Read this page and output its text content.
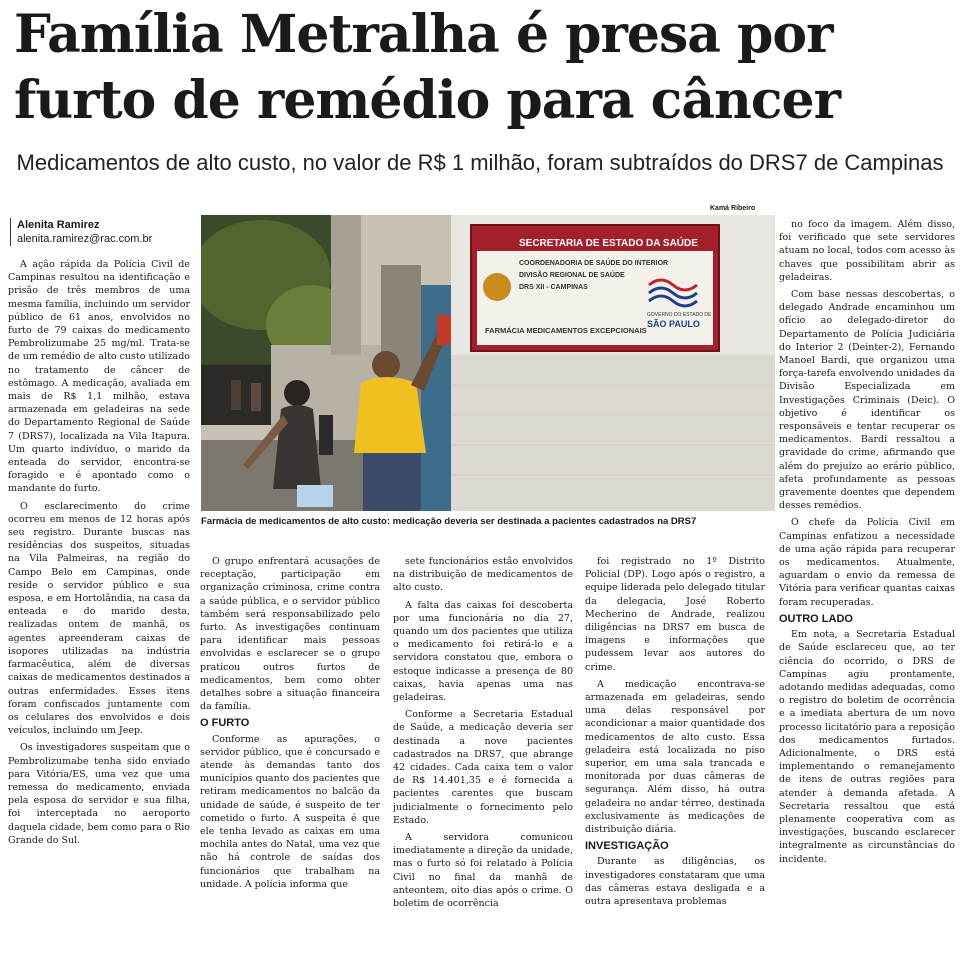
Família Metralha é presa por
furto de remédio para câncer

Medicamentos de alto custo, no valor de R$ 1 milhão, foram subtraídos do DRS7 de Campinas

Alenita Ramirez
alenita.ramirez@rac.com.br
Kamá Ribeiro
SECRETARIA DE ESTADO DA SAÚDE
COORDENADORIA DE SAÚDE DO INTERIOR
DIVISÃO REGIONAL DE SAÚDE
DRS XII - CAMPINAS
FARMÁCIA MEDICAMENTOS EXCEPCIONAIS
GOVERNO DO ESTADO DE
SÃO PAULO
Farmácia de medicamentos de alto custo: medicação deveria ser destinada a pacientes cadastrados na DRS7

A ação rápida da Polícia Civil de Campinas resultou na identificação e prisão de três membros de uma mesma família, incluindo um servidor público de 61 anos, envolvidos no furto de 79 caixas do medicamento Pembrolizumabe 25 mg/ml. Trata-se de um remédio de alto custo utilizado no tratamento de câncer de estômago. A medicação, avaliada em mais de R$ 1,1 milhão, estava armazenada em geladeiras na sede do Departamento Regional de Saúde 7 (DRS7), localizada na Vila Itapura. Um quarto indivíduo, o marido da enteada do servidor, encontra-se foragido e é apontado como o mandante do furto.

O esclarecimento do crime ocorreu em menos de 12 horas após seu registro. Durante buscas nas residências dos suspeitos, situadas na Vila Palmeiras, na região do Campo Belo em Campinas, onde reside o servidor público e sua esposa, e em Hortolândia, na casa da enteada e do marido desta, realizadas ontem de manhã, os agentes apreenderam caixas de isopores utilizadas na indústria farmacêutica, além de diversas caixas de medicamentos destinados a outras enfermidades. Esses itens foram confiscados juntamente com os celulares dos envolvidos e dois veículos, incluindo um Jeep.

Os investigadores suspeitam que o Pembrolizumabe tenha sido enviado para Vitória/ES, uma vez que uma remessa do medicamento, enviada pela esposa do servidor e sua filha, foi interceptada no aeroporto daquela cidade, bem como para o Rio Grande do Sul.

O grupo enfrentará acusações de receptação, participação em organização criminosa, crime contra a saúde pública, e o servidor público também será responsabilizado pelo furto. As investigações continuam para identificar mais pessoas envolvidas e esclarecer se o grupo praticou outros furtos de medicamentos, bem como obter detalhes sobre a situação financeira da família.

O FURTO

Conforme as apurações, o servidor público, que é concursado e atende às demandas tanto dos municípios quanto dos pacientes que retiram medicamentos no balcão da unidade de saúde, é suspeito de ter cometido o furto. A suspeita é que ele tenha levado as caixas em uma mochila antes do Natal, uma vez que não há controle de saídas dos funcionários que trabalham na unidade. A polícia informa que

sete funcionários estão envolvidos na distribuição de medicamentos de alto custo.

A falta das caixas foi descoberta por uma funcionária no dia 27, quando um dos pacientes que utiliza o medicamento foi retirá-lo e a servidora constatou que, embora o estoque indicasse a presença de 80 caixas, havia apenas uma nas geladeiras.

Conforme a Secretaria Estadual de Saúde, a medicação deveria ser destinada a nove pacientes cadastrados na DRS7, que abrange 42 cidades. Cada caixa tem o valor de R$ 14.401,35 e é fornecida a pacientes carentes que buscam judicialmente o fornecimento pelo Estado.

A servidora comunicou imediatamente a direção da unidade, mas o furto só foi relatado à Polícia Civil no final da manhã de anteontem, oito dias após o crime. O boletim de ocorrência

foi registrado no 1º Distrito Policial (DP). Logo após o registro, a equipe liderada pelo delegado titular da delegacia, José Roberto Mecherino de Andrade, realizou diligências na DRS7 em busca de imagens e informações que pudessem levar aos autores do crime.

A medicação encontrava-se armazenada em geladeiras, sendo uma delas responsável por acondicionar a maior quantidade dos medicamentos de alto custo. Essa geladeira está localizada no piso superior, em uma sala trancada e monitorada por duas câmeras de segurança. Além disso, há outra geladeira no andar térreo, destinada exclusivamente às medicações de distribuição diária.

INVESTIGAÇÃO

Durante as diligências, os investigadores constataram que uma das câmeras estava desligada e a outra apresentava problemas

no foco da imagem. Além disso, foi verificado que sete servidores atuam no local, todos com acesso às chaves que possibilitam abrir as geladeiras.

Com base nessas descobertas, o delegado Andrade encaminhou um ofício ao delegado-diretor do Departamento de Polícia Judiciária do Interior 2 (Deinter-2), Fernando Manoel Bardi, que organizou uma força-tarefa envolvendo unidades da Divisão Especializada em Investigações Criminais (Deic). O objetivo é identificar os responsáveis e tentar recuperar os medicamentos. Bardi ressaltou a gravidade do crime, afirmando que além do prejuízo ao erário público, afeta profundamente as pessoas gravemente doentes que dependem desses remédios.

O chefe da Polícia Civil em Campinas enfatizou a necessidade de uma ação rápida para recuperar os medicamentos. Atualmente, aguardam o envio da remessa de Vitória para verificar quantas caixas foram recuperadas.

OUTRO LADO

Em nota, a Secretaria Estadual de Saúde esclareceu que, ao ter ciência do ocorrido, o DRS de Campinas agiu prontamente, adotando medidas adequadas, como o registro do boletim de ocorrência e a imediata abertura de um novo processo licitatório para a reposição dos medicamentos furtados. Adicionalmente, o DRS está implementando o remanejamento de itens de outras regiões para atender à demanda afetada. A Secretaria ressaltou que está plenamente cooperativa com as investigações, buscando esclarecer integralmente as circunstâncias do incidente.
